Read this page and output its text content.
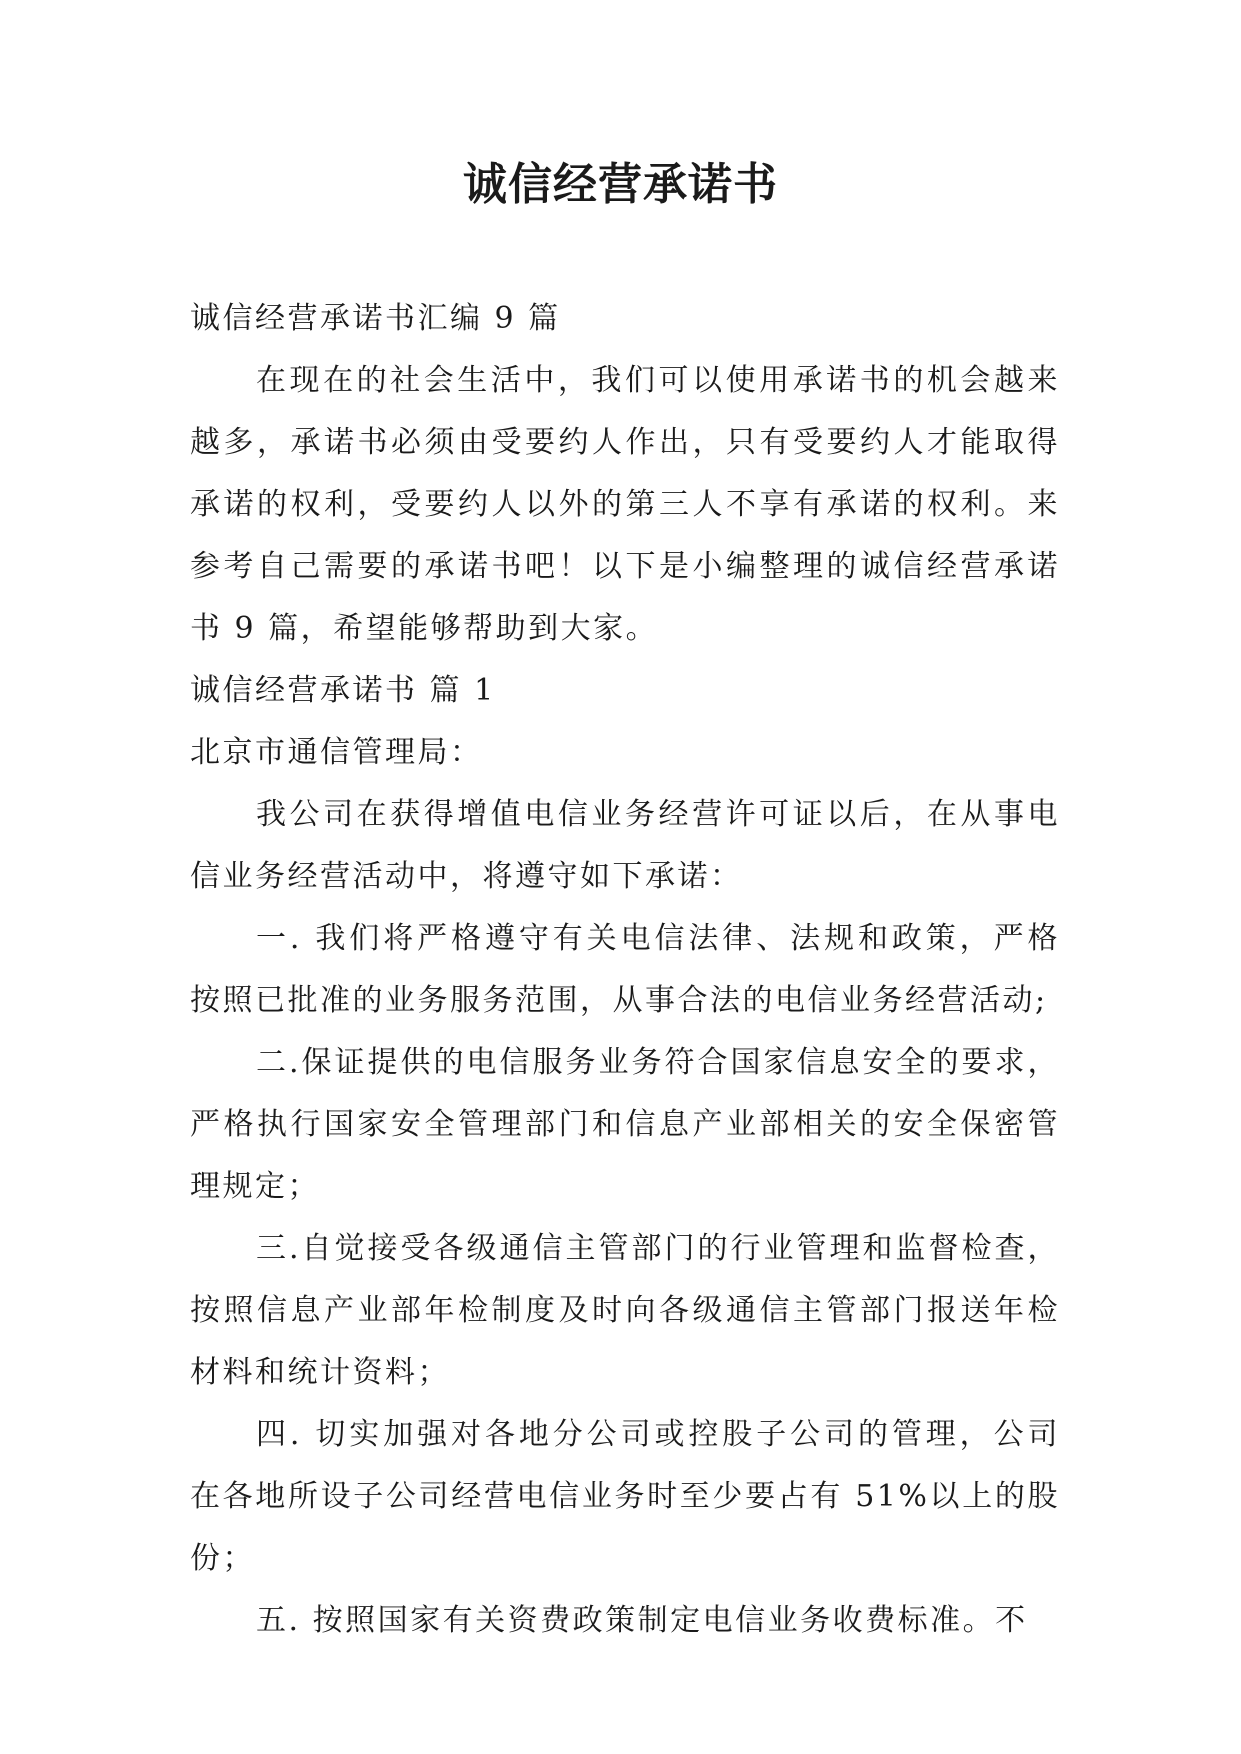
诚信经营承诺书

诚信经营承诺书汇编 9 篇

在现在的社会生活中，我们可以使用承诺书的机会越来越多，承诺书必须由受要约人作出，只有受要约人才能取得承诺的权利，受要约人以外的第三人不享有承诺的权利。来参考自己需要的承诺书吧！以下是小编整理的诚信经营承诺书 9 篇，希望能够帮助到大家。

诚信经营承诺书 篇 1

北京市通信管理局：

我公司在获得增值电信业务经营许可证以后，在从事电信业务经营活动中，将遵守如下承诺：

一. 我们将严格遵守有关电信法律、法规和政策，严格按照已批准的业务服务范围，从事合法的电信业务经营活动;

二.保证提供的电信服务业务符合国家信息安全的要求，严格执行国家安全管理部门和信息产业部相关的安全保密管理规定；

三.自觉接受各级通信主管部门的行业管理和监督检查，按照信息产业部年检制度及时向各级通信主管部门报送年检材料和统计资料；

四. 切实加强对各地分公司或控股子公司的管理，公司在各地所设子公司经营电信业务时至少要占有 51%以上的股份；

五. 按照国家有关资费政策制定电信业务收费标准。不
